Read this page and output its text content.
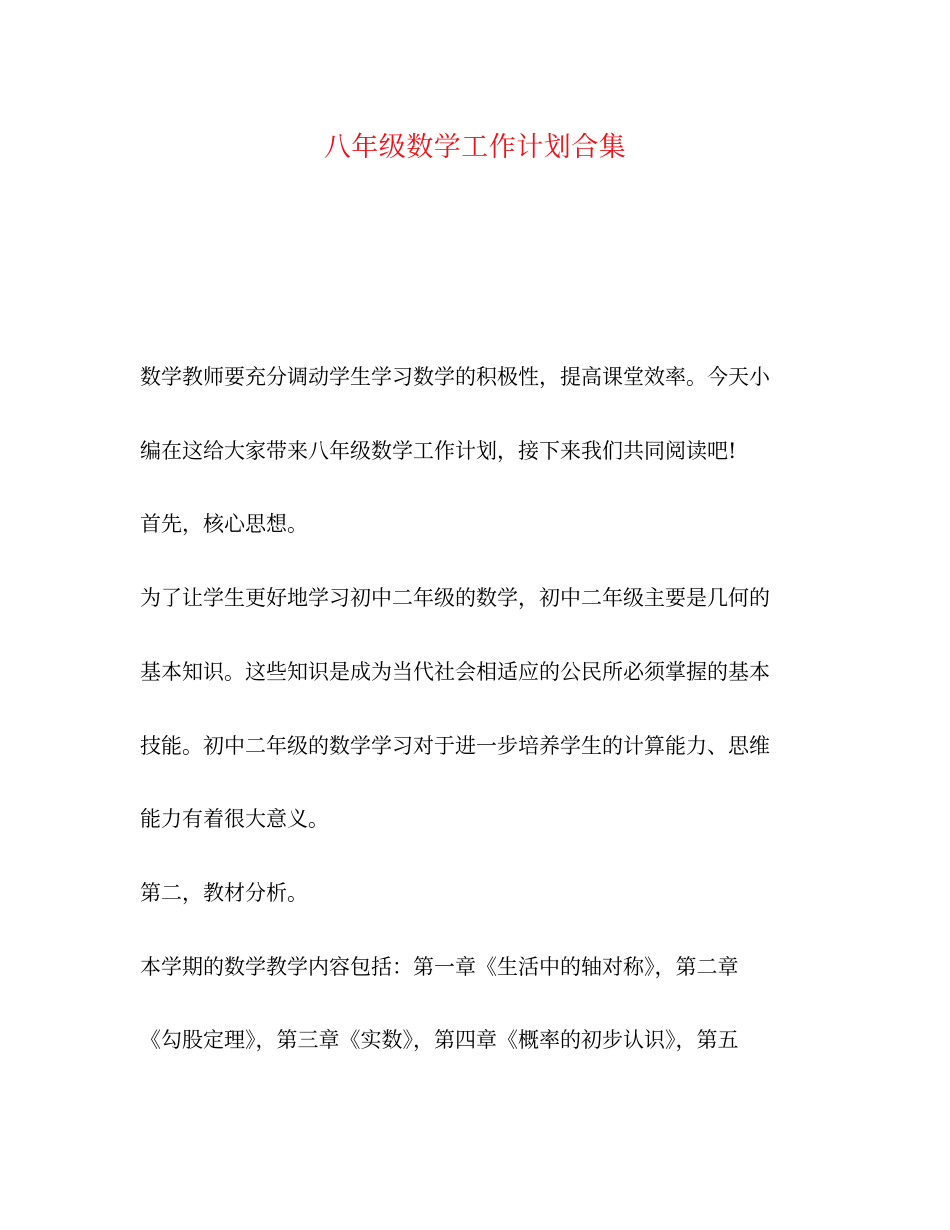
八年级数学工作计划合集
数学教师要充分调动学生学习数学的积极性，提高课堂效率。今天小
编在这给大家带来八年级数学工作计划，接下来我们共同阅读吧!
首先，核心思想。
为了让学生更好地学习初中二年级的数学，初中二年级主要是几何的
基本知识。这些知识是成为当代社会相适应的公民所必须掌握的基本
技能。初中二年级的数学学习对于进一步培养学生的计算能力、思维
能力有着很大意义。
第二，教材分析。
本学期的数学教学内容包括：第一章《生活中的轴对称》，第二章
《勾股定理》，第三章《实数》，第四章《概率的初步认识》，第五
